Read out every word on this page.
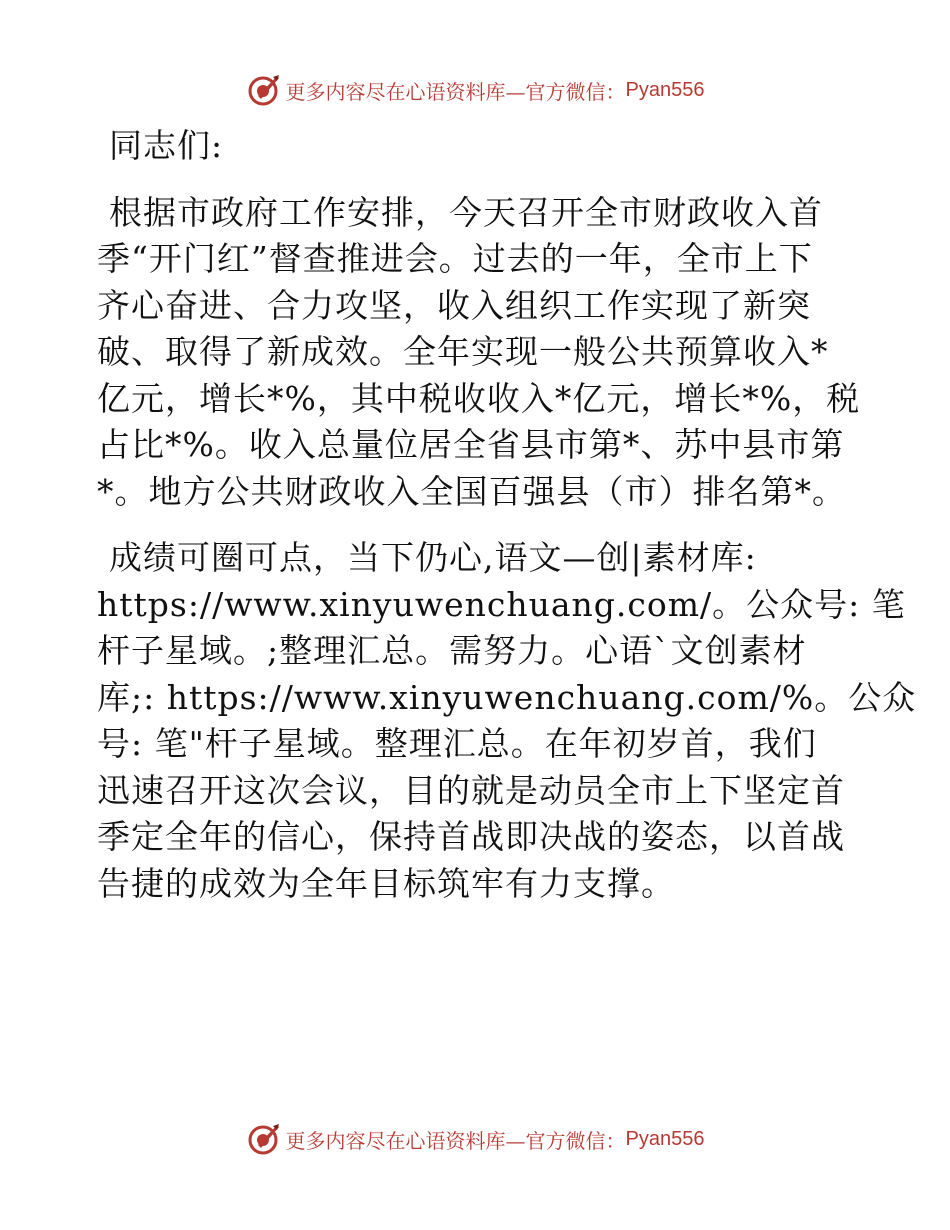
更多内容尽在心语资料库—官方微信： Pyan556
同志们:
根据市政府工作安排，今天召开全市财政收入首
季“开门红”督查推进会。过去的一年，全市上下
齐心奋进、合力攻坚，收入组织工作实现了新突
破、取得了新成效。全年实现一般公共预算收入*
亿元，增长*%，其中税收收入*亿元，增长*%，税
占比*%。收入总量位居全省县市第*、苏中县市第
*。地方公共财政收入全国百强县（市）排名第*。
成绩可圈可点，当下仍心,语文—创|素材库:
https://www.xinyuwenchuang.com/。公众号: 笔
杆子星域。;整理汇总。需努力。心语`文创素材
库;: https://www.xinyuwenchuang.com/%。公众
号: 笔"杆子星域。整理汇总。在年初岁首，我们
迅速召开这次会议，目的就是动员全市上下坚定首
季定全年的信心，保持首战即决战的姿态，以首战
告捷的成效为全年目标筑牢有力支撑。
更多内容尽在心语资料库—官方微信： Pyan556
